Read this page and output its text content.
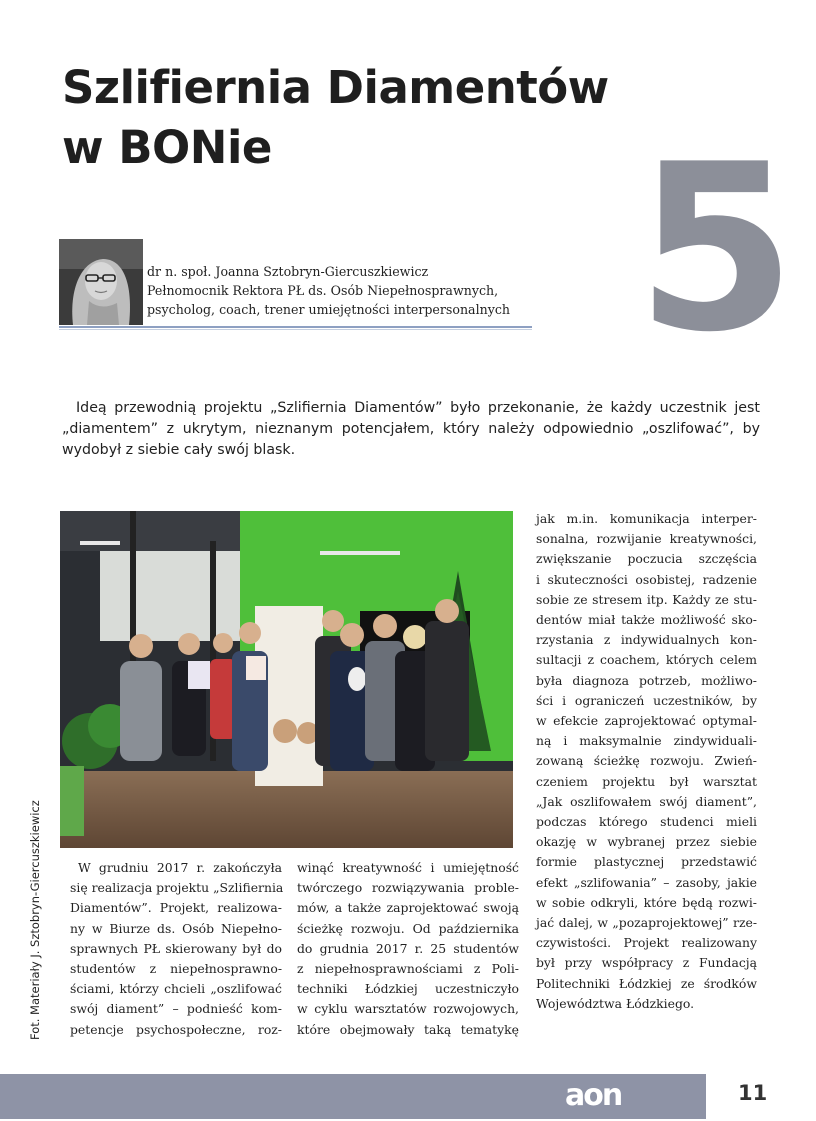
Szlifiernia Diamentów
w BONie	5
dr n. społ. Joanna Sztobryn-Giercuszkiewicz
Pełnomocnik Rektora PŁ ds. Osób Niepełnosprawnych,
psycholog, coach, trener umiejętności interpersonalnych

Ideą przewodnią projektu „Szlifiernia Diamentów” było przekonanie, że każdy uczestnik jest „diamentem” z ukrytym, nieznanym potencjałem, który należy odpowiednio „oszlifować”, by wydobył z siebie cały swój blask.

Fot. Materiały J. Sztobryn-Giercuszkiewicz	W grudniu 2017 r. zakończyła
się realizacja projektu „Szlifiernia
Diamentów”. Projekt, realizowa-
ny w Biurze ds. Osób Niepełno-
sprawnych PŁ skierowany był do
studentów z niepełnosprawno-
ściami, którzy chcieli „oszlifować
swój diament” – podnieść kom-
petencje psychospołeczne, roz-
winąć kreatywność i umiejętność
twórczego rozwiązywania proble-
mów, a także zaprojektować swoją
ścieżkę rozwoju. Od października
do grudnia 2017 r. 25 studentów
z niepełnosprawnościami z Poli-
techniki Łódzkiej uczestniczyło
w cyklu warsztatów rozwojowych,
które obejmowały taką tematykę
jak m.in. komunikacja interper-
sonalna, rozwijanie kreatywności,
zwiększanie poczucia szczęścia
i skuteczności osobistej, radzenie
sobie ze stresem itp. Każdy ze stu-
dentów miał także możliwość sko-
rzystania z indywidualnych kon-
sultacji z coachem, których celem
była diagnoza potrzeb, możliwo-
ści i ograniczeń uczestników, by
w efekcie zaprojektować optymal-
ną i maksymalnie zindywiduali-
zowaną ścieżkę rozwoju. Zwień-
czeniem projektu był warsztat
„Jak oszlifowałem swój diament”,
podczas którego studenci mieli
okazję w wybranej przez siebie
formie plastycznej przedstawić
efekt „szlifowania” – zasoby, jakie
w sobie odkryli, które będą rozwi-
jać dalej, w „pozaprojektowej” rze-
czywistości. Projekt realizowany
był przy współpracy z Fundacją
Politechniki Łódzkiej ze środków
Województwa Łódzkiego.
aon	11
